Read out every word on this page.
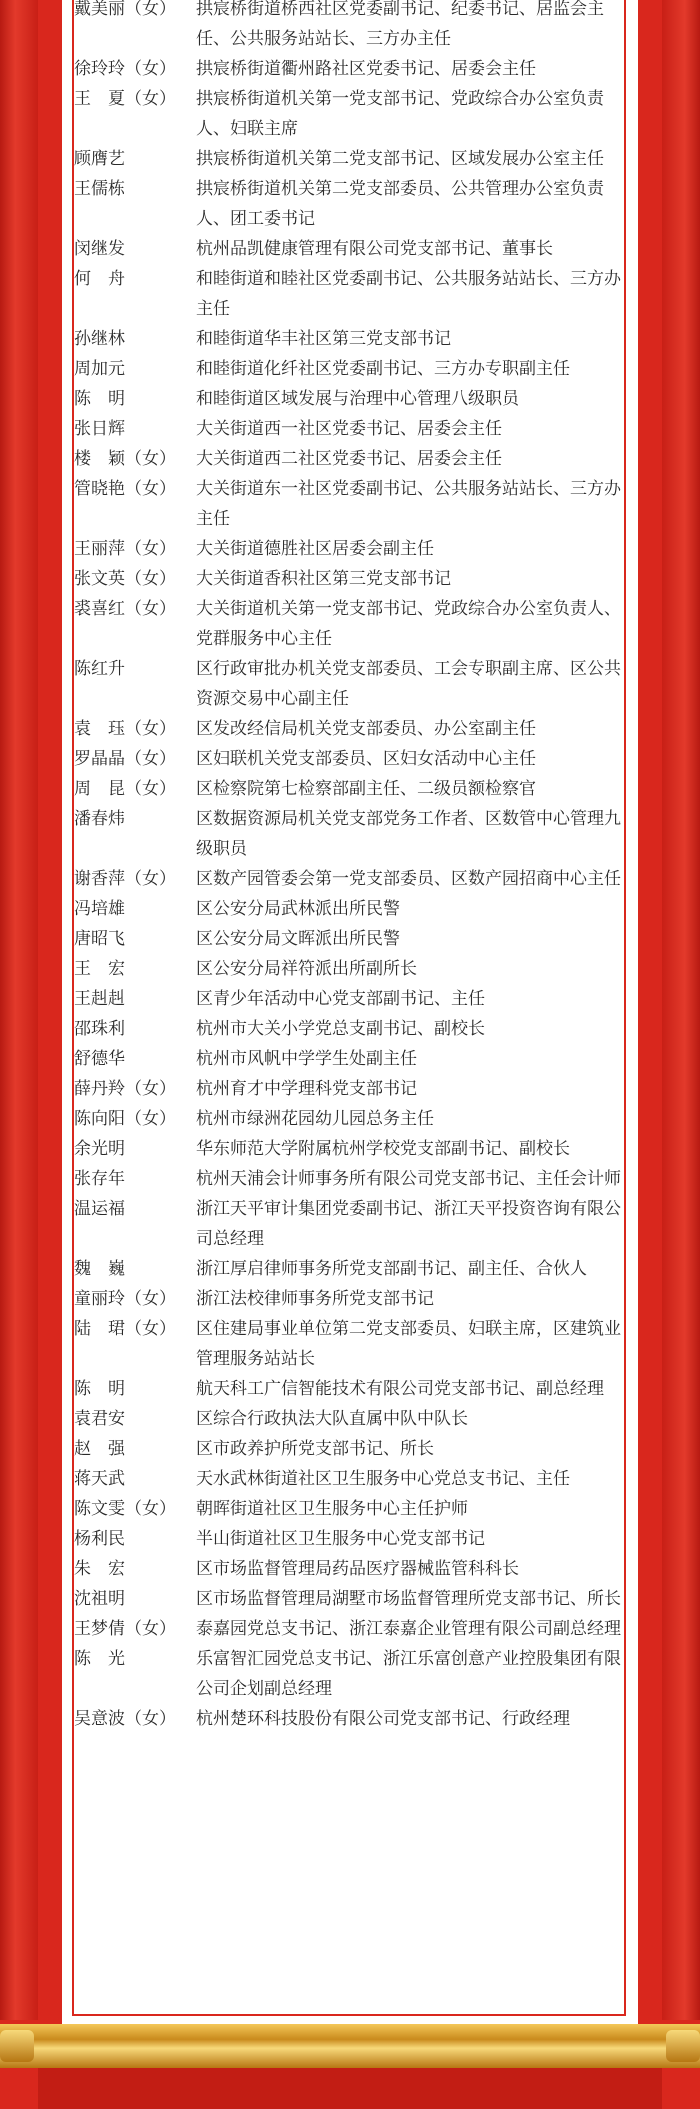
戴美丽（女）	拱宸桥街道桥西社区党委副书记、纪委书记、居监会主任、公共服务站站长、三方办主任
徐玲玲（女）	拱宸桥街道衢州路社区党委书记、居委会主任
王　夏（女）	拱宸桥街道机关第一党支部书记、党政综合办公室负责人、妇联主席
顾膺艺	拱宸桥街道机关第二党支部书记、区域发展办公室主任
王儒栋	拱宸桥街道机关第二党支部委员、公共管理办公室负责人、团工委书记
闵继发	杭州品凯健康管理有限公司党支部书记、董事长
何　舟	和睦街道和睦社区党委副书记、公共服务站站长、三方办主任
孙继林	和睦街道华丰社区第三党支部书记
周加元	和睦街道化纤社区党委副书记、三方办专职副主任
陈　明	和睦街道区域发展与治理中心管理八级职员
张日辉	大关街道西一社区党委书记、居委会主任
楼　颖（女）	大关街道西二社区党委书记、居委会主任
管晓艳（女）	大关街道东一社区党委副书记、公共服务站站长、三方办主任
王丽萍（女）	大关街道德胜社区居委会副主任
张文英（女）	大关街道香积社区第三党支部书记
裘喜红（女）	大关街道机关第一党支部书记、党政综合办公室负责人、党群服务中心主任
陈红升	区行政审批办机关党支部委员、工会专职副主席、区公共资源交易中心副主任
袁　珏（女）	区发改经信局机关党支部委员、办公室副主任
罗晶晶（女）	区妇联机关党支部委员、区妇女活动中心主任
周　昆（女）	区检察院第七检察部副主任、二级员额检察官
潘春炜	区数据资源局机关党支部党务工作者、区数管中心管理九级职员
谢香萍（女）	区数产园管委会第一党支部委员、区数产园招商中心主任
冯培雄	区公安分局武林派出所民警
唐昭飞	区公安分局文晖派出所民警
王　宏	区公安分局祥符派出所副所长
王赳赳	区青少年活动中心党支部副书记、主任
邵珠利	杭州市大关小学党总支副书记、副校长
舒德华	杭州市风帆中学学生处副主任
薛丹羚（女）	杭州育才中学理科党支部书记
陈向阳（女）	杭州市绿洲花园幼儿园总务主任
余光明	华东师范大学附属杭州学校党支部副书记、副校长
张存年	杭州天浦会计师事务所有限公司党支部书记、主任会计师
温运福	浙江天平审计集团党委副书记、浙江天平投资咨询有限公司总经理
魏　巍	浙江厚启律师事务所党支部副书记、副主任、合伙人
童丽玲（女）	浙江法校律师事务所党支部书记
陆　珺（女）	区住建局事业单位第二党支部委员、妇联主席，区建筑业管理服务站站长
陈　明	航天科工广信智能技术有限公司党支部书记、副总经理
袁君安	区综合行政执法大队直属中队中队长
赵　强	区市政养护所党支部书记、所长
蒋天武	天水武林街道社区卫生服务中心党总支书记、主任
陈文雯（女）	朝晖街道社区卫生服务中心主任护师
杨利民	半山街道社区卫生服务中心党支部书记
朱　宏	区市场监督管理局药品医疗器械监管科科长
沈祖明	区市场监督管理局湖墅市场监督管理所党支部书记、所长
王梦倩（女）	泰嘉园党总支书记、浙江泰嘉企业管理有限公司副总经理
陈　光	乐富智汇园党总支书记、浙江乐富创意产业控股集团有限公司企划副总经理
吴意波（女）	杭州楚环科技股份有限公司党支部书记、行政经理
